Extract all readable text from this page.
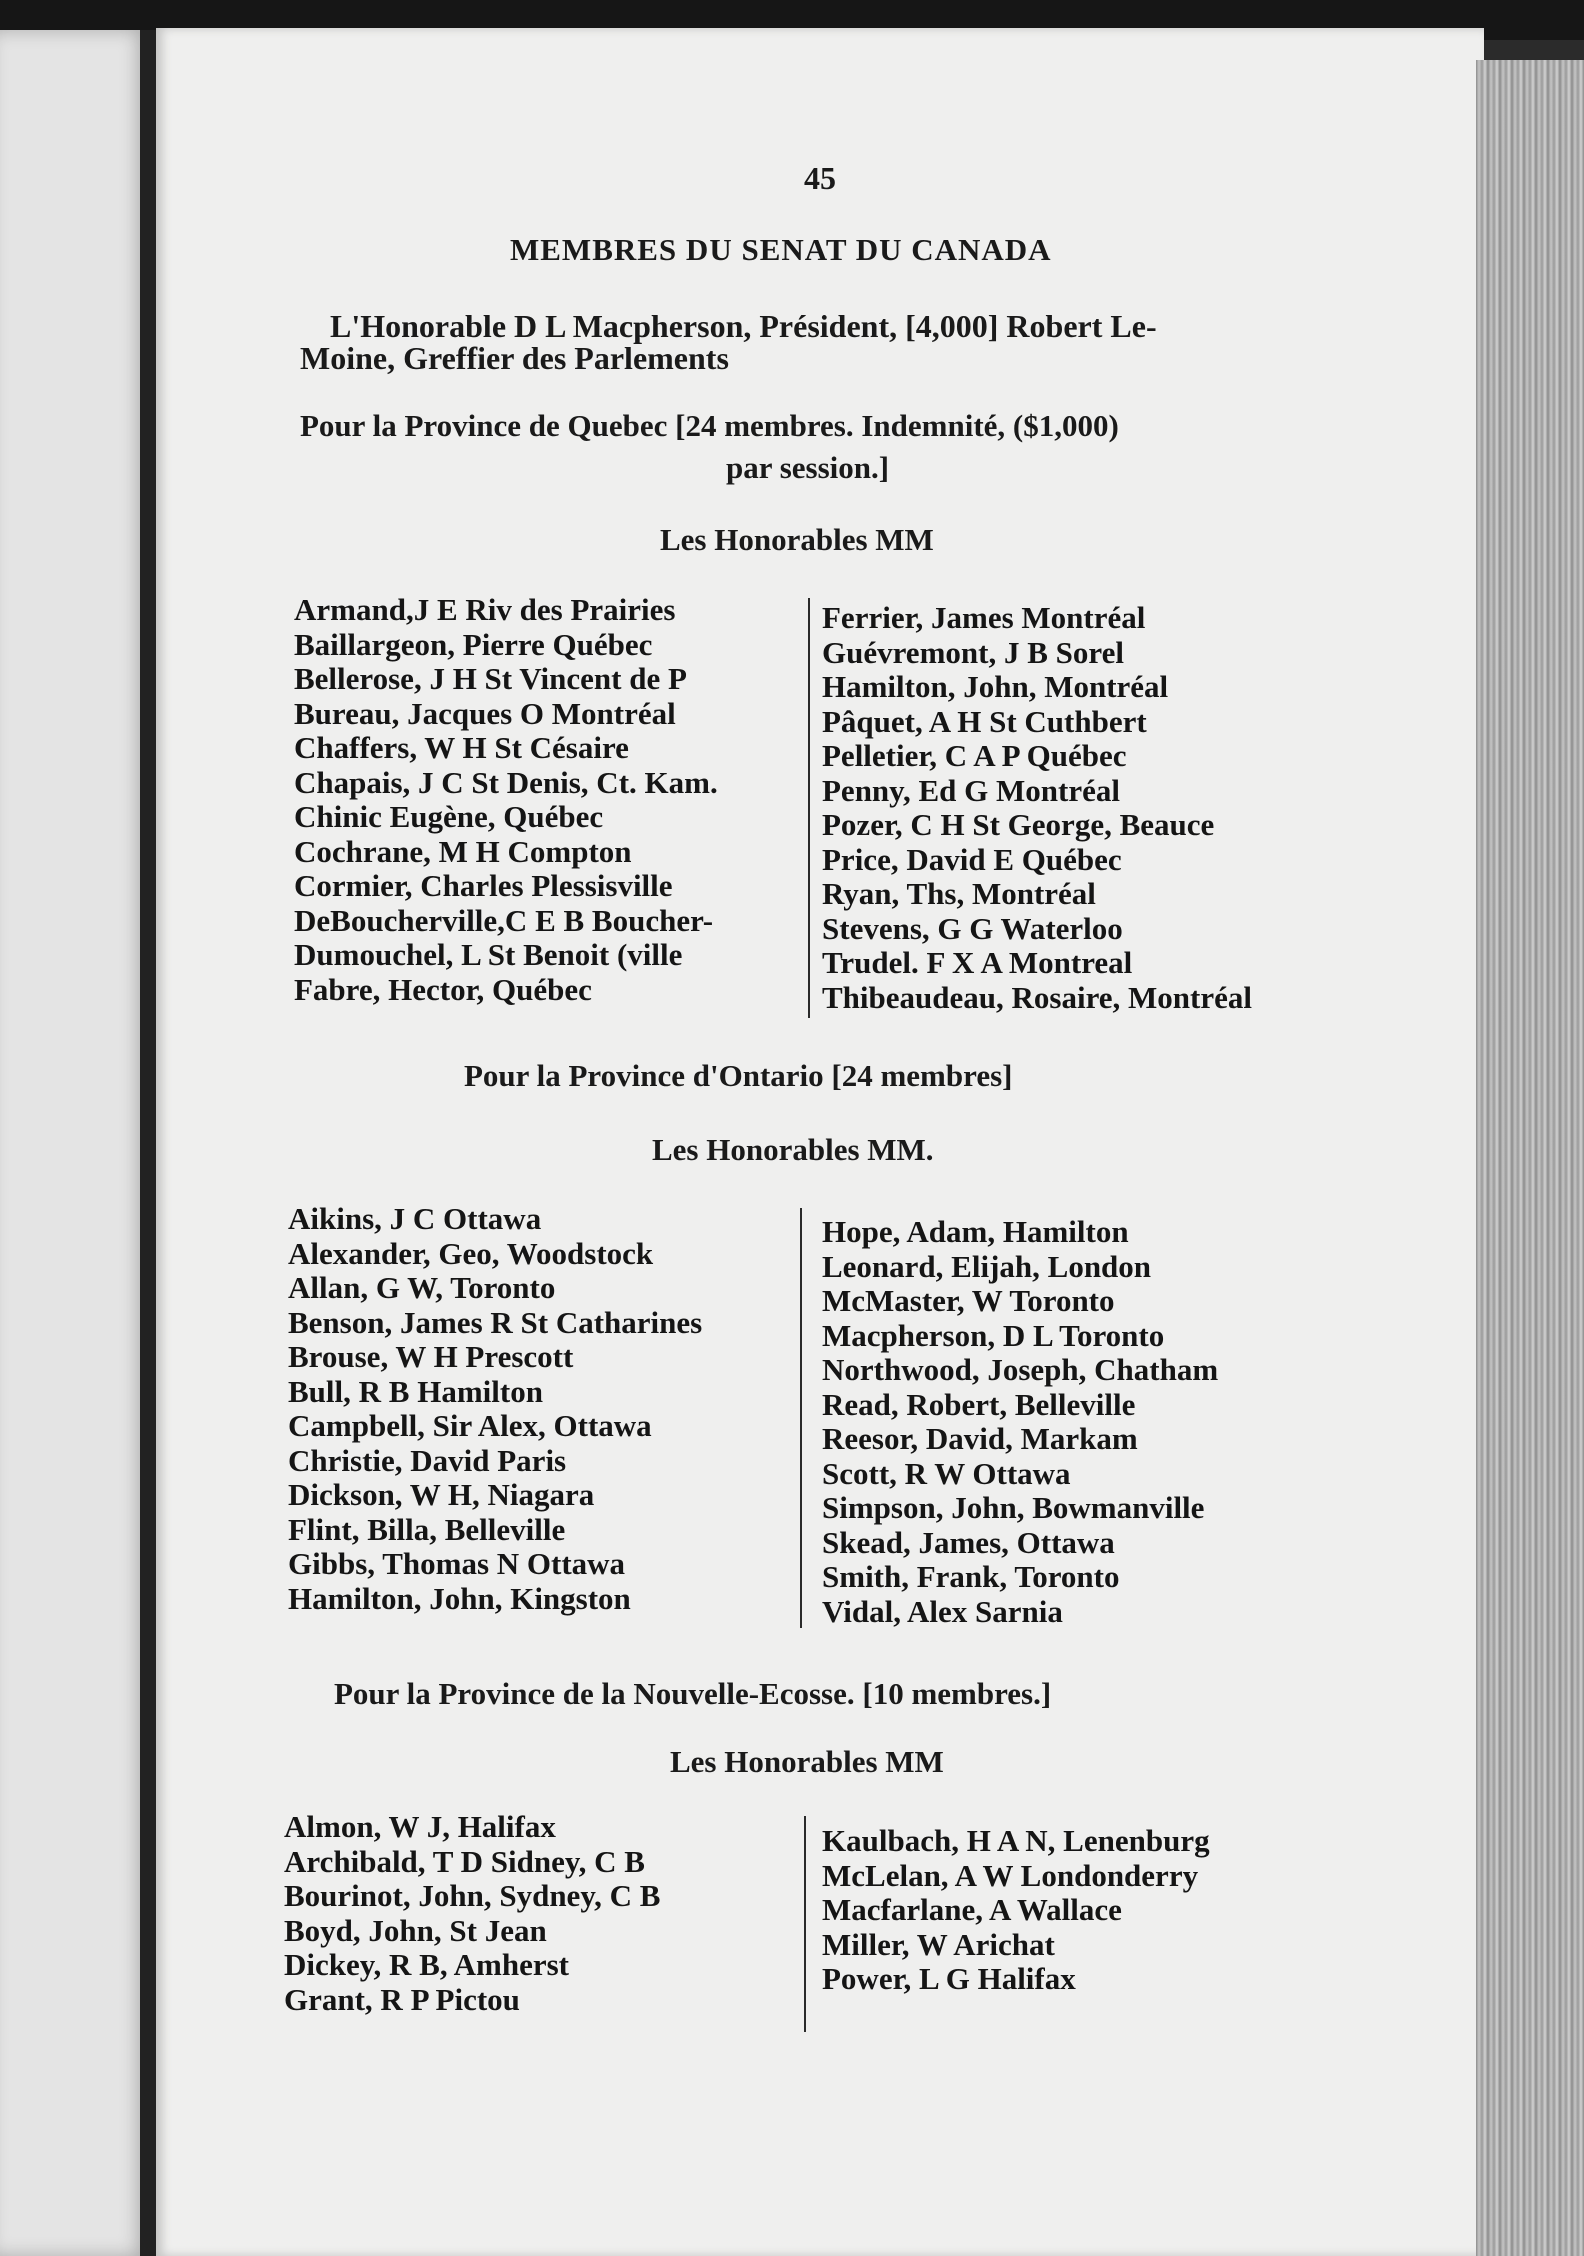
45
MEMBRES DU SENAT DU CANADA
L'Honorable D L Macpherson, Président, [4,000] Robert Le-
Moine, Greffier des Parlements
Pour la Province de Quebec [24 membres. Indemnité, ($1,000)
par session.]
Les Honorables MM
Armand,J E Riv des Prairies
Baillargeon, Pierre Québec
Bellerose, J H St Vincent de P
Bureau, Jacques O Montréal
Chaffers, W H St Césaire
Chapais, J C St Denis, Ct. Kam.
Chinic Eugène, Québec
Cochrane, M H Compton
Cormier, Charles Plessisville
DeBoucherville,C E B Boucher-
Dumouchel, L St Benoit (ville
Fabre, Hector, Québec
Ferrier, James Montréal
Guévremont, J B Sorel
Hamilton, John, Montréal
Pâquet, A H St Cuthbert
Pelletier, C A P Québec
Penny, Ed G Montréal
Pozer, C H St George, Beauce
Price, David E Québec
Ryan, Ths, Montréal
Stevens, G G Waterloo
Trudel. F X A Montreal
Thibeaudeau, Rosaire, Montréal
Pour la Province d'Ontario [24 membres]
Les Honorables MM.
Aikins, J C Ottawa
Alexander, Geo, Woodstock
Allan, G W, Toronto
Benson, James R St Catharines
Brouse, W H Prescott
Bull, R B Hamilton
Campbell, Sir Alex, Ottawa
Christie, David Paris
Dickson, W H, Niagara
Flint, Billa, Belleville
Gibbs, Thomas N Ottawa
Hamilton, John, Kingston
Hope, Adam, Hamilton
Leonard, Elijah, London
McMaster, W Toronto
Macpherson, D L Toronto
Northwood, Joseph, Chatham
Read, Robert, Belleville
Reesor, David, Markam
Scott, R W Ottawa
Simpson, John, Bowmanville
Skead, James, Ottawa
Smith, Frank, Toronto
Vidal, Alex Sarnia
Pour la Province de la Nouvelle-Ecosse. [10 membres.]
Les Honorables MM
Almon, W J, Halifax
Archibald, T D Sidney, C B
Bourinot, John, Sydney, C B
Boyd, John, St Jean
Dickey, R B, Amherst
Grant, R P Pictou
Kaulbach, H A N, Lenenburg
McLelan, A W Londonderry
Macfarlane, A Wallace
Miller, W Arichat
Power, L G Halifax
